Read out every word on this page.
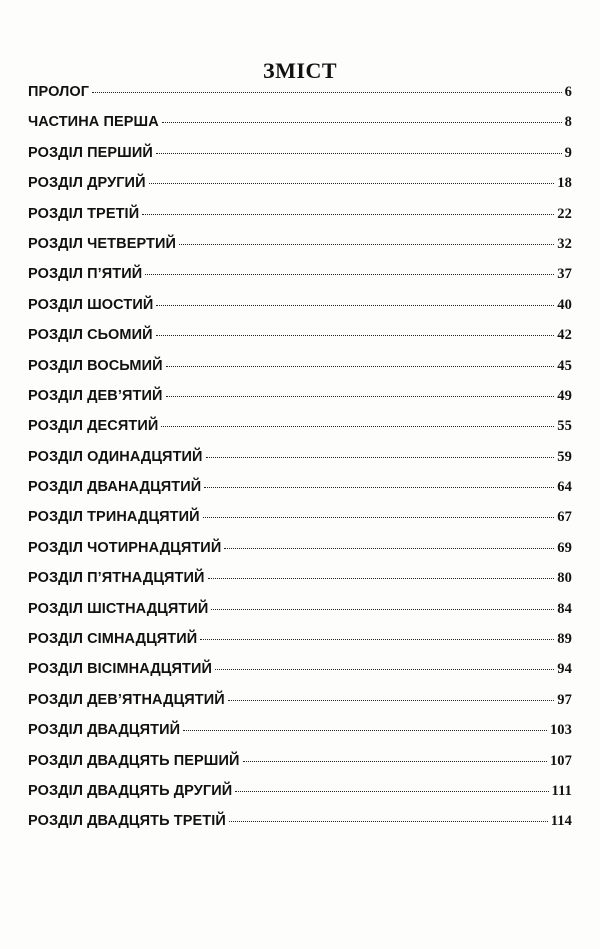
ЗМІСТ
ПРОЛОГ	6
ЧАСТИНА ПЕРША	8
РОЗДІЛ ПЕРШИЙ	9
РОЗДІЛ ДРУГИЙ	18
РОЗДІЛ ТРЕТІЙ	22
РОЗДІЛ ЧЕТВЕРТИЙ	32
РОЗДІЛ П’ЯТИЙ	37
РОЗДІЛ ШОСТИЙ	40
РОЗДІЛ СЬОМИЙ	42
РОЗДІЛ ВОСЬМИЙ	45
РОЗДІЛ ДЕВ’ЯТИЙ	49
РОЗДІЛ ДЕСЯТИЙ	55
РОЗДІЛ ОДИНАДЦЯТИЙ	59
РОЗДІЛ ДВАНАДЦЯТИЙ	64
РОЗДІЛ ТРИНАДЦЯТИЙ	67
РОЗДІЛ ЧОТИРНАДЦЯТИЙ	69
РОЗДІЛ П’ЯТНАДЦЯТИЙ	80
РОЗДІЛ ШІСТНАДЦЯТИЙ	84
РОЗДІЛ СІМНАДЦЯТИЙ	89
РОЗДІЛ ВІСІМНАДЦЯТИЙ	94
РОЗДІЛ ДЕВ’ЯТНАДЦЯТИЙ	97
РОЗДІЛ ДВАДЦЯТИЙ	103
РОЗДІЛ ДВАДЦЯТЬ ПЕРШИЙ	107
РОЗДІЛ ДВАДЦЯТЬ ДРУГИЙ	111
РОЗДІЛ ДВАДЦЯТЬ ТРЕТІЙ	114
